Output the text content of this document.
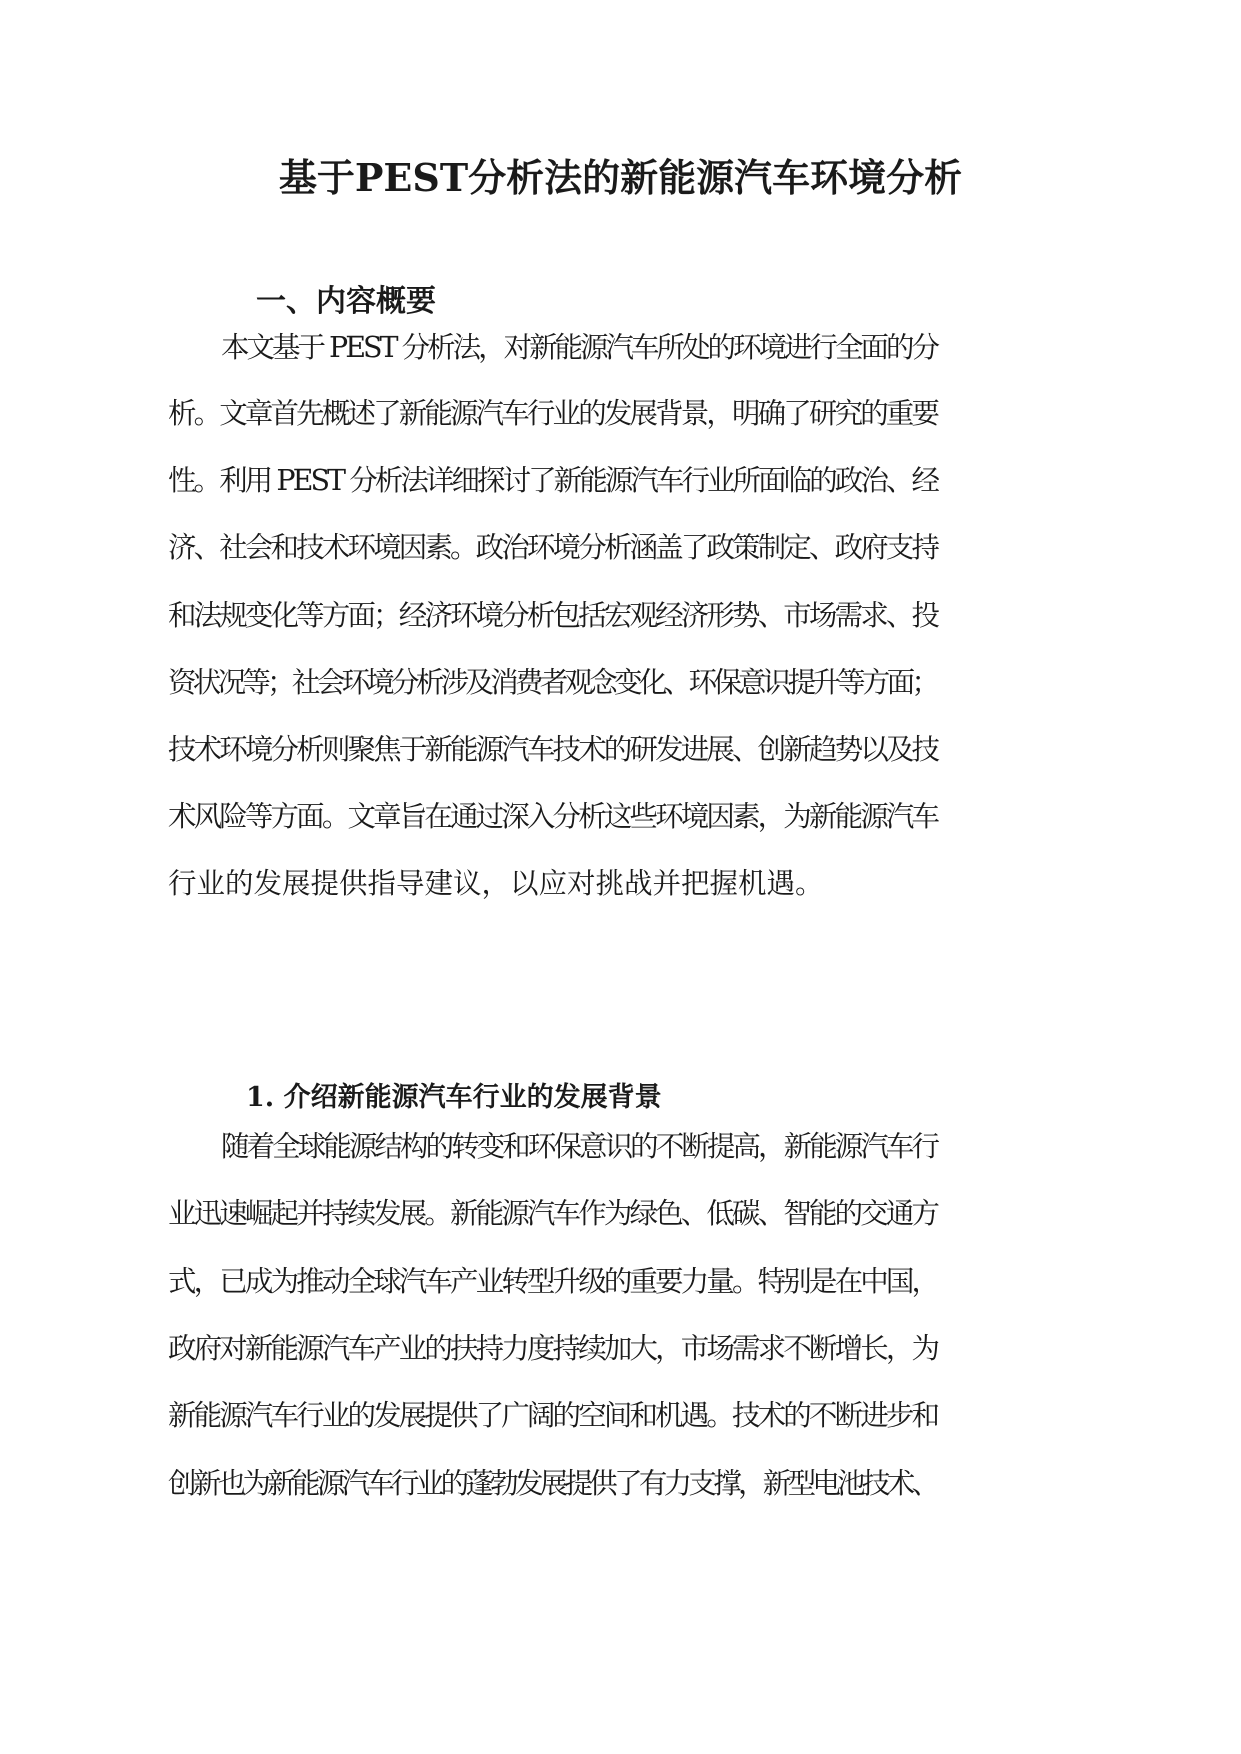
基于PEST分析法的新能源汽车环境分析
一、内容概要
本文基于 PEST 分析法，对新能源汽车所处的环境进行全面的分
析。文章首先概述了新能源汽车行业的发展背景，明确了研究的重要
性。利用 PEST 分析法详细探讨了新能源汽车行业所面临的政治、经
济、社会和技术环境因素。政治环境分析涵盖了政策制定、政府支持
和法规变化等方面；经济环境分析包括宏观经济形势、市场需求、投
资状况等；社会环境分析涉及消费者观念变化、环保意识提升等方面；
技术环境分析则聚焦于新能源汽车技术的研发进展、创新趋势以及技
术风险等方面。文章旨在通过深入分析这些环境因素，为新能源汽车
行业的发展提供指导建议，以应对挑战并把握机遇。
1. 介绍新能源汽车行业的发展背景
随着全球能源结构的转变和环保意识的不断提高，新能源汽车行
业迅速崛起并持续发展。新能源汽车作为绿色、低碳、智能的交通方
式，已成为推动全球汽车产业转型升级的重要力量。特别是在中国，
政府对新能源汽车产业的扶持力度持续加大，市场需求不断增长，为
新能源汽车行业的发展提供了广阔的空间和机遇。技术的不断进步和
创新也为新能源汽车行业的蓬勃发展提供了有力支撑，新型电池技术、
